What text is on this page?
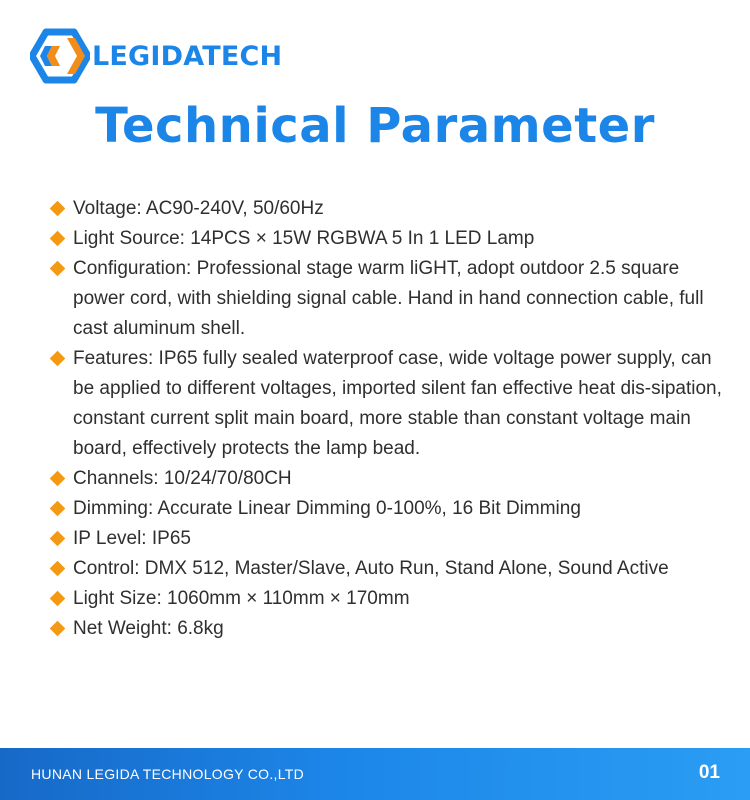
LEGIDATECH
Technical Parameter
Voltage: AC90-240V, 50/60Hz
Light Source: 14PCS × 15W RGBWA 5 In 1 LED Lamp
Configuration: Professional stage warm liGHT, adopt outdoor 2.5 square power cord, with shielding signal cable. Hand in hand connection cable, full cast aluminum shell.
Features: IP65 fully sealed waterproof case, wide voltage power supply, can be applied to different voltages, imported silent fan effective heat dis-sipation, constant current split main board, more stable than constant voltage main board, effectively protects the lamp bead.
Channels: 10/24/70/80CH
Dimming: Accurate Linear Dimming 0-100%, 16 Bit Dimming
IP Level: IP65
Control: DMX 512, Master/Slave, Auto Run, Stand Alone, Sound Active
Light Size: 1060mm × 110mm × 170mm
Net Weight: 6.8kg
HUNAN LEGIDA TECHNOLOGY CO.,LTD	01
